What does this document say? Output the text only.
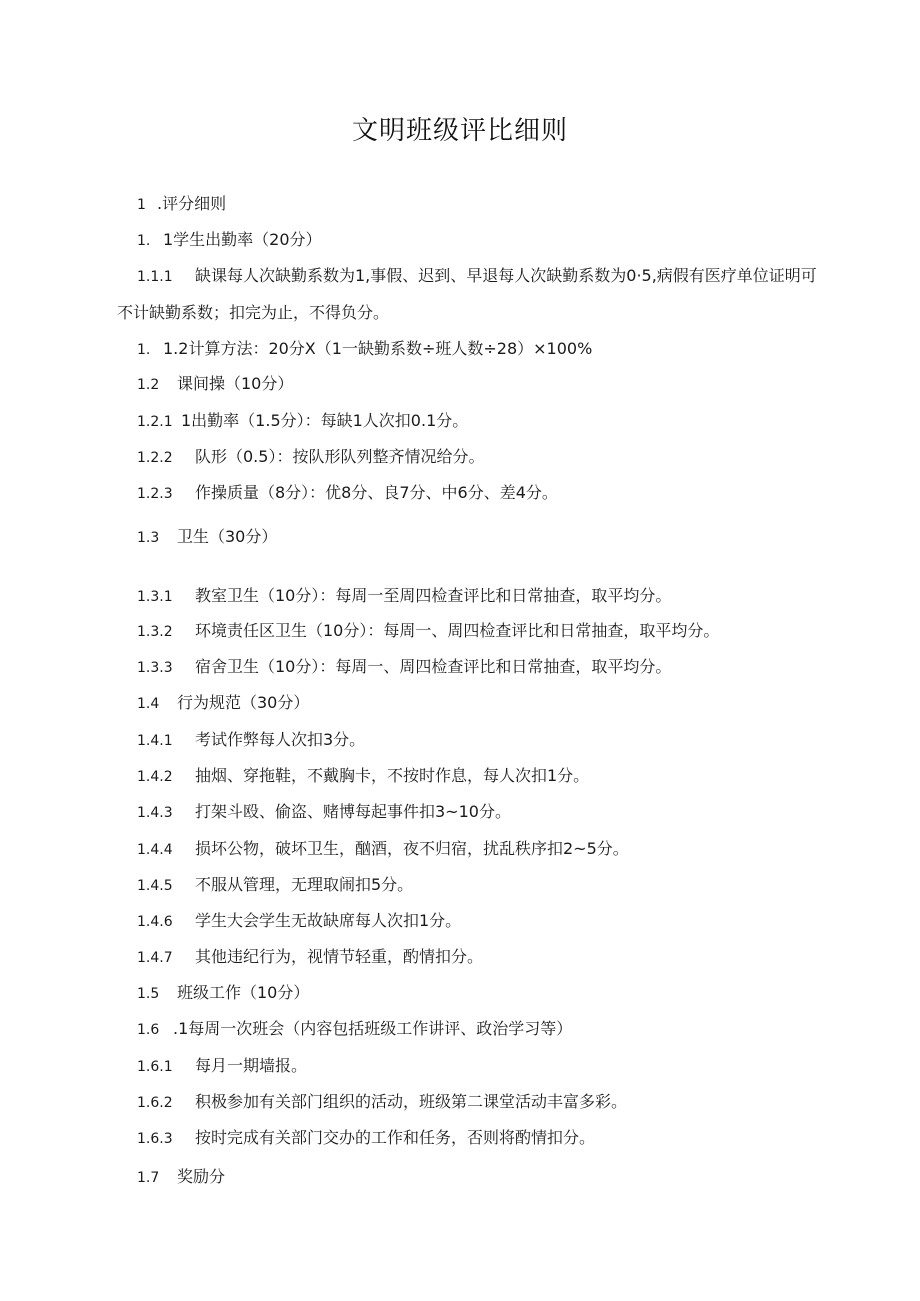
文明班级评比细则
1 .评分细则
1. 1学生出勤率（20分）
1.1.1 缺课每人次缺勤系数为1,事假、迟到、早退每人次缺勤系数为0·5,病假有医疗单位证明可不计缺勤系数；扣完为止，不得负分。
1. 1.2计算方法：20分X（1一缺勤系数÷班人数÷28）×100%
1.2 课间操（10分）
1.2.1 1出勤率（1.5分）：每缺1人次扣0.1分。
1.2.2 队形（0.5）：按队形队列整齐情况给分。
1.2.3 作操质量（8分）：优8分、良7分、中6分、差4分。
1.3 卫生（30分）
1.3.1 教室卫生（10分）：每周一至周四检查评比和日常抽查，取平均分。
1.3.2 环境责任区卫生（10分）：每周一、周四检查评比和日常抽查，取平均分。
1.3.3 宿舍卫生（10分）：每周一、周四检查评比和日常抽查，取平均分。
1.4 行为规范（30分）
1.4.1 考试作弊每人次扣3分。
1.4.2 抽烟、穿拖鞋，不戴胸卡，不按时作息，每人次扣1分。
1.4.3 打架斗殴、偷盗、赌博每起事件扣3~10分。
1.4.4 损坏公物，破坏卫生，酗酒，夜不归宿，扰乱秩序扣2~5分。
1.4.5 不服从管理，无理取闹扣5分。
1.4.6 学生大会学生无故缺席每人次扣1分。
1.4.7 其他违纪行为，视情节轻重，酌情扣分。
1.5 班级工作（10分）
1.6 .1每周一次班会（内容包括班级工作讲评、政治学习等）
1.6.1 每月一期墙报。
1.6.2 积极参加有关部门组织的活动，班级第二课堂活动丰富多彩。
1.6.3 按时完成有关部门交办的工作和任务，否则将酌情扣分。
1.7 奖励分
